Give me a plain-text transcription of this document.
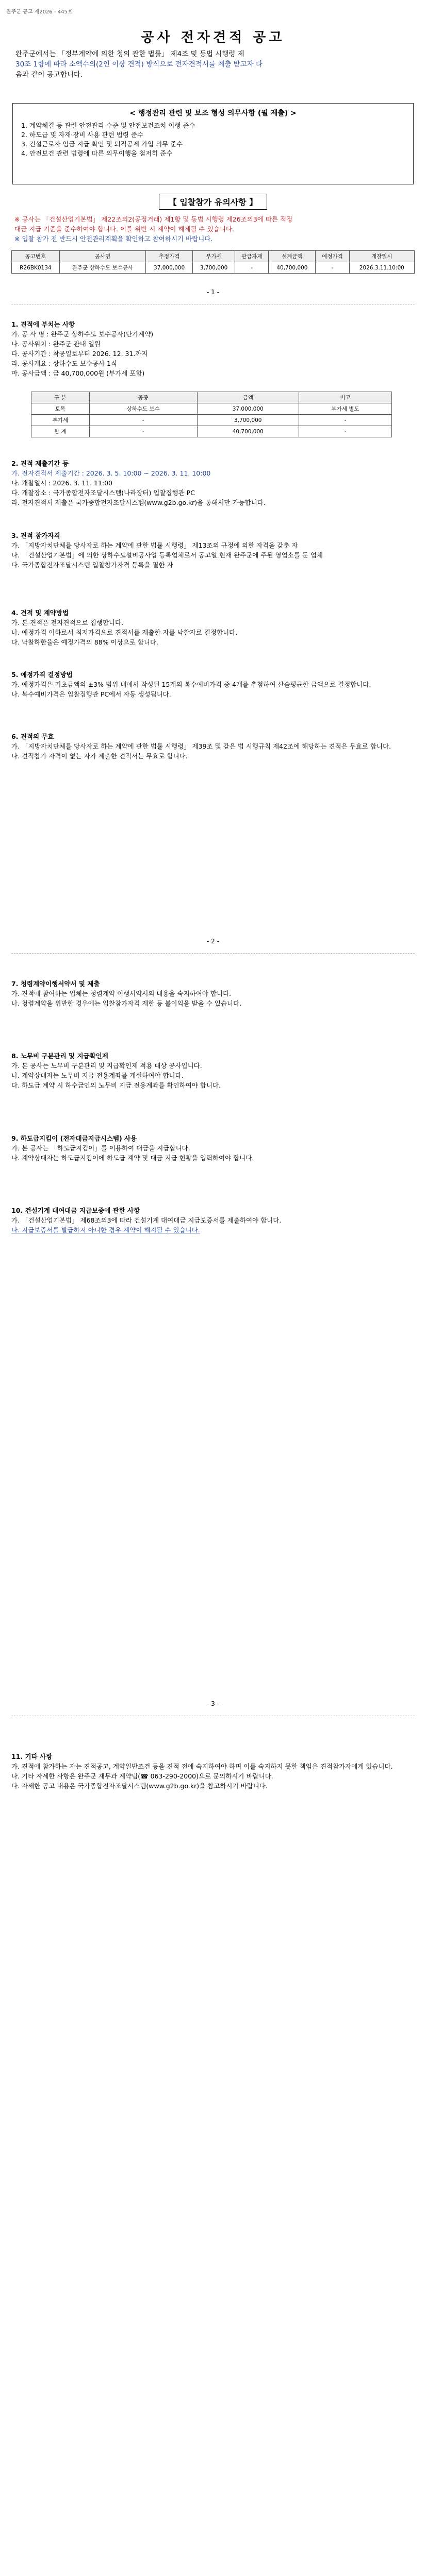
완주군 공고 제2026 - 445호
공사 전자견적 공고
완주군에서는 「정부계약에 의한 청의 관한 법률」 제4조 및 동법 시행령 제
30조 1항에 따라 소액수의(2인 이상 견적) 방식으로 전자견적서를 제출 받고자 다
음과 같이 공고합니다.
< 행정관리 관련 및 보조 형성 의무사항 (필 제출) >
1. 계약체결 등 관련 안전관리 수준 및 안전보건조치 이행 준수
2. 하도급 및 자재·장비 사용 관련 법령 준수
3. 건설근로자 임금 지급 확인 및 퇴직공제 가입 의무 준수
4. 안전보건 관련 법령에 따른 의무이행을 철저히 준수
【 입찰참가 유의사항 】
※ 공사는 「건설산업기본법」 제22조의2(공정거래) 제1항 및 동법 시행령 제26조의3에 따른 적정
대금 지급 기준을 준수하여야 합니다. 이를 위반 시 계약이 해제될 수 있습니다.
※ 입찰 참가 전 반드시 안전관리계획을 확인하고 참여하시기 바랍니다.
공고번호	공사명	추정가격	부가세	관급자재	설계금액	예정가격	개찰일시
R26BK0134	완주군 상하수도 보수공사	37,000,000	3,700,000	-	40,700,000	-	2026.3.11.10:00
- 1 -

1. 견적에 부치는 사항

가. 공 사 명 : 완주군 상하수도 보수공사(단가계약)

나. 공사위치 : 완주군 관내 일원

다. 공사기간 : 착공일로부터 2026. 12. 31.까지

라. 공사개요 : 상하수도 보수공사 1식

마. 공사금액 : 금 40,700,000원 (부가세 포함)

구 분	공종	금액	비고
토목	상하수도 보수	37,000,000	부가세 별도
부가세	-	3,700,000	-
합 계	-	40,700,000	-

2. 견적 제출기간 등

가. 전자견적서 제출기간 : 2026. 3. 5. 10:00 ~ 2026. 3. 11. 10:00

나. 개찰일시 : 2026. 3. 11. 11:00

다. 개찰장소 : 국가종합전자조달시스템(나라장터) 입찰집행관 PC

라. 전자견적서 제출은 국가종합전자조달시스템(www.g2b.go.kr)을 통해서만 가능합니다.

3. 견적 참가자격

가. 「지방자치단체를 당사자로 하는 계약에 관한 법률 시행령」 제13조의 규정에 의한 자격을 갖춘 자

나. 「건설산업기본법」에 의한 상하수도설비공사업 등록업체로서 공고일 현재 완주군에 주된 영업소를 둔 업체

다. 국가종합전자조달시스템 입찰참가자격 등록을 필한 자

4. 견적 및 계약방법

가. 본 견적은 전자견적으로 집행합니다.

나. 예정가격 이하로서 최저가격으로 견적서를 제출한 자를 낙찰자로 결정합니다.

다. 낙찰하한율은 예정가격의 88% 이상으로 합니다.

5. 예정가격 결정방법

가. 예정가격은 기초금액의 ±3% 범위 내에서 작성된 15개의 복수예비가격 중 4개를 추첨하여 산술평균한 금액으로 결정합니다.

나. 복수예비가격은 입찰집행관 PC에서 자동 생성됩니다.

6. 견적의 무효

가. 「지방자치단체를 당사자로 하는 계약에 관한 법률 시행령」 제39조 및 같은 법 시행규칙 제42조에 해당하는 견적은 무효로 합니다.

나. 견적참가 자격이 없는 자가 제출한 견적서는 무효로 합니다.

- 2 -

7. 청렴계약이행서약서 및 제출

가. 견적에 참여하는 업체는 청렴계약 이행서약서의 내용을 숙지하여야 합니다.

나. 청렴계약을 위반한 경우에는 입찰참가자격 제한 등 불이익을 받을 수 있습니다.

8. 노무비 구분관리 및 지급확인제

가. 본 공사는 노무비 구분관리 및 지급확인제 적용 대상 공사입니다.

나. 계약상대자는 노무비 지급 전용계좌를 개설하여야 합니다.

다. 하도급 계약 시 하수급인의 노무비 지급 전용계좌를 확인하여야 합니다.

9. 하도급지킴이 (전자대금지급시스템) 사용

가. 본 공사는 「하도급지킴이」를 이용하여 대금을 지급합니다.

나. 계약상대자는 하도급지킴이에 하도급 계약 및 대금 지급 현황을 입력하여야 합니다.

10. 건설기계 대여대금 지급보증에 관한 사항

가. 「건설산업기본법」 제68조의3에 따라 건설기계 대여대금 지급보증서를 제출하여야 합니다.

나. 지급보증서를 발급하지 아니한 경우 계약이 해지될 수 있습니다.

- 3 -

11. 기타 사항

가. 견적에 참가하는 자는 견적공고, 계약일반조건 등을 견적 전에 숙지하여야 하며 이를 숙지하지 못한 책임은 견적참가자에게 있습니다.

나. 기타 자세한 사항은 완주군 재무과 계약팀(☎ 063-290-2000)으로 문의하시기 바랍니다.

다. 자세한 공고 내용은 국가종합전자조달시스템(www.g2b.go.kr)을 참고하시기 바랍니다.
